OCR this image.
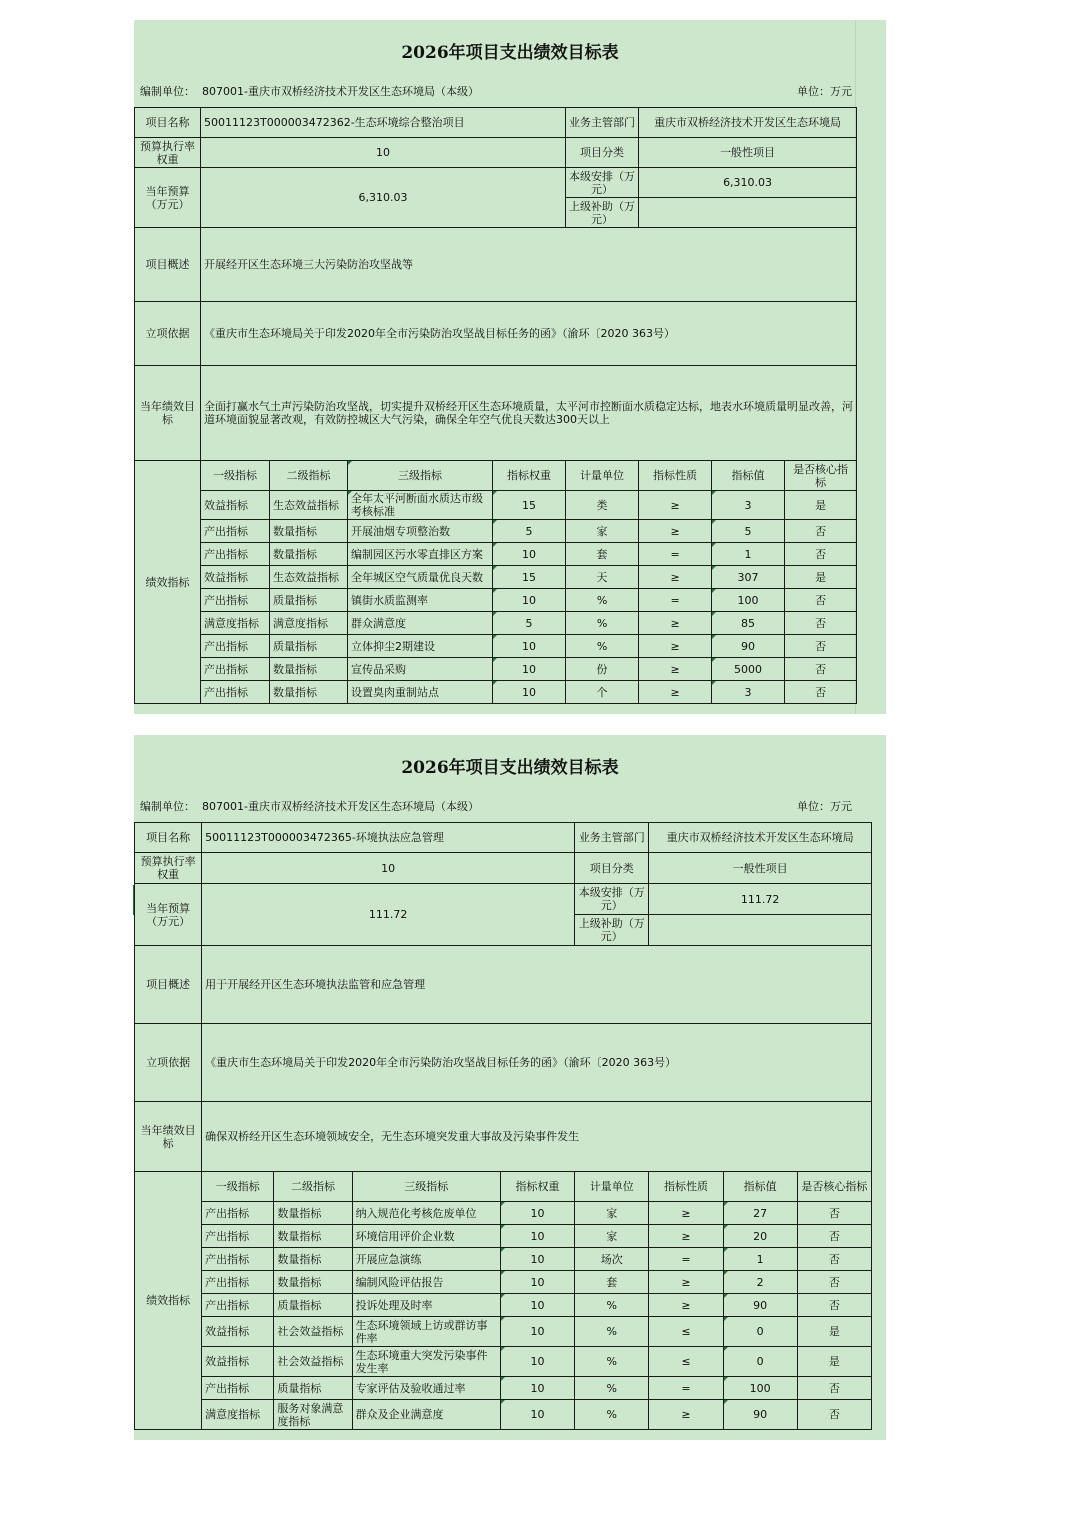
2026年项目支出绩效目标表
编制单位： 807001-重庆市双桥经济技术开发区生态环境局（本级）	单位：万元
项目名称	50011123T000003472362-生态环境综合整治项目				业务主管部门	重庆市双桥经济技术开发区生态环境局		
预算执行率权重	10				项目分类	一般性项目		
当年预算（万元）	6,310.03				本级安排（万元）	6,310.03		
					上级补助（万元）			
项目概述	开展经开区生态环境三大污染防治攻坚战等							
立项依据	《重庆市生态环境局关于印发2020年全市污染防治攻坚战目标任务的函》（渝环〔2020 363号）							
当年绩效目标	全面打赢水气土声污染防治攻坚战，切实提升双桥经开区生态环境质量，太平河市控断面水质稳定达标，地表水环境质量明显改善，河道环境面貌显著改观，有效防控城区大气污染，确保全年空气优良天数达300天以上							
绩效指标	一级指标	二级指标	三级指标	指标权重	计量单位	指标性质	指标值	是否核心指标
	效益指标	生态效益指标	全年太平河断面水质达市级考核标准	15	类	≥	3	是
	产出指标	数量指标	开展油烟专项整治数	5	家	≥	5	否
	产出指标	数量指标	编制园区污水零直排区方案	10	套	=	1	否
	效益指标	生态效益指标	全年城区空气质量优良天数	15	天	≥	307	是
	产出指标	质量指标	镇街水质监测率	10	%	=	100	否
	满意度指标	满意度指标	群众满意度	5	%	≥	85	否
	产出指标	质量指标	立体抑尘2期建设	10	%	≥	90	否
	产出指标	数量指标	宣传品采购	10	份	≥	5000	否
	产出指标	数量指标	设置臭肉重制站点	10	个	≥	3	否
2026年项目支出绩效目标表
编制单位： 807001-重庆市双桥经济技术开发区生态环境局（本级）	单位：万元
项目名称	50011123T000003472365-环境执法应急管理				业务主管部门	重庆市双桥经济技术开发区生态环境局		
预算执行率权重	10				项目分类	一般性项目		
当年预算（万元）	111.72				本级安排（万元）	111.72		
					上级补助（万元）			
项目概述	用于开展经开区生态环境执法监管和应急管理							
立项依据	《重庆市生态环境局关于印发2020年全市污染防治攻坚战目标任务的函》（渝环〔2020 363号）							
当年绩效目标	确保双桥经开区生态环境领域安全，无生态环境突发重大事故及污染事件发生							
绩效指标	一级指标	二级指标	三级指标	指标权重	计量单位	指标性质	指标值	是否核心指标
	产出指标	数量指标	纳入规范化考核危废单位	10	家	≥	27	否
	产出指标	数量指标	环境信用评价企业数	10	家	≥	20	否
	产出指标	数量指标	开展应急演练	10	场次	=	1	否
	产出指标	数量指标	编制风险评估报告	10	套	≥	2	否
	产出指标	质量指标	投诉处理及时率	10	%	≥	90	否
	效益指标	社会效益指标	生态环境领域上访或群访事件率	10	%	≤	0	是
	效益指标	社会效益指标	生态环境重大突发污染事件发生率	10	%	≤	0	是
	产出指标	质量指标	专家评估及验收通过率	10	%	=	100	否
	满意度指标	服务对象满意度指标	群众及企业满意度	10	%	≥	90	否
